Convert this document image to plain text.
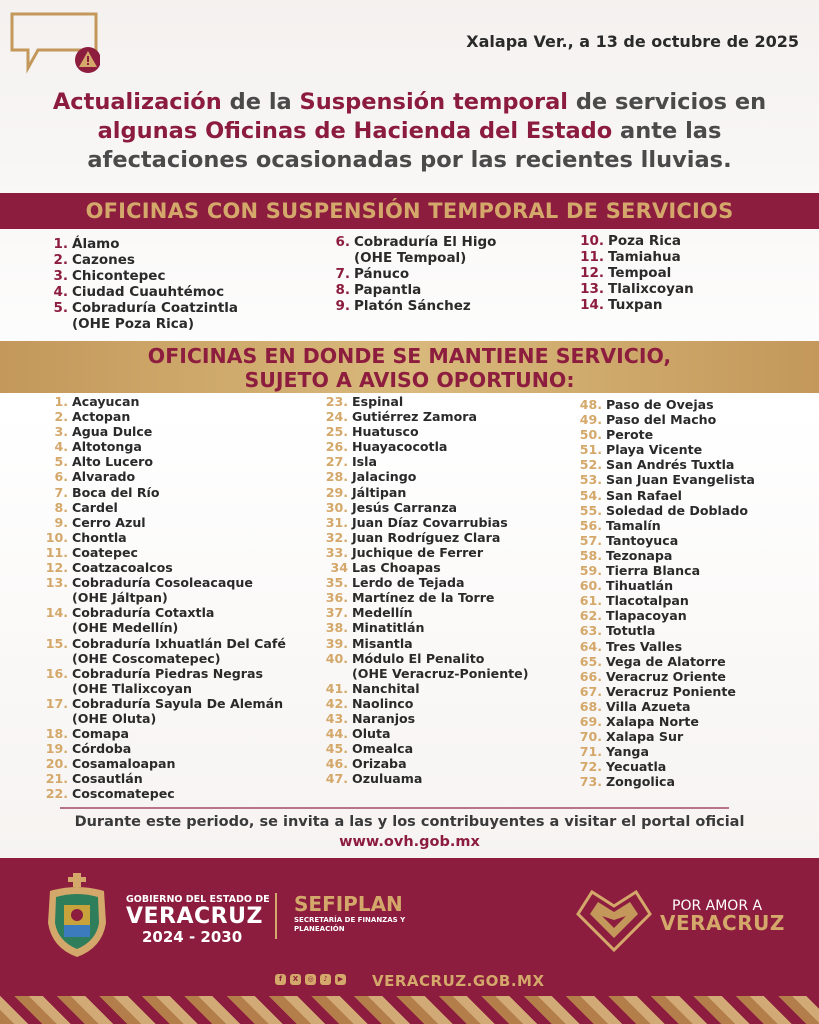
Xalapa Ver., a 13 de octubre de 2025
Actualización de la Suspensión temporal de servicios en algunas Oficinas de Hacienda del Estado ante las afectaciones ocasionadas por las recientes lluvias.
OFICINAS CON SUSPENSIÓN TEMPORAL DE SERVICIOS
1. Álamo
2. Cazones
3. Chicontepec
4. Ciudad Cuauhtémoc
5. Cobraduría Coatzintla
(OHE Poza Rica)
6. Cobraduría El Higo
(OHE Tempoal)
7. Pánuco
8. Papantla
9. Platón Sánchez
10. Poza Rica
11. Tamiahua
12. Tempoal
13. Tlalixcoyan
14. Tuxpan
OFICINAS EN DONDE SE MANTIENE SERVICIO,
SUJETO A AVISO OPORTUNO:
1. Acayucan
2. Actopan
3. Agua Dulce
4. Altotonga
5. Alto Lucero
6. Alvarado
7. Boca del Río
8. Cardel
9. Cerro Azul
10. Chontla
11. Coatepec
12. Coatzacoalcos
13. Cobraduría Cosoleacaque
(OHE Jáltpan)
14. Cobraduría Cotaxtla
(OHE Medellín)
15. Cobraduría Ixhuatlán Del Café
(OHE Coscomatepec)
16. Cobraduría Piedras Negras
(OHE Tlalixcoyan
17. Cobraduría Sayula De Alemán
(OHE Oluta)
18. Comapa
19. Córdoba
20. Cosamaloapan
21. Cosautlán
22. Coscomatepec
23. Espinal
24. Gutiérrez Zamora
25. Huatusco
26. Huayacocotla
27. Isla
28. Jalacingo
29. Jáltipan
30. Jesús Carranza
31. Juan Díaz Covarrubias
32. Juan Rodríguez Clara
33. Juchique de Ferrer
34 Las Choapas
35. Lerdo de Tejada
36. Martínez de la Torre
37. Medellín
38. Minatitlán
39. Misantla
40. Módulo El Penalito
(OHE Veracruz-Poniente)
41. Nanchital
42. Naolinco
43. Naranjos
44. Oluta
45. Omealca
46. Orizaba
47. Ozuluama
48. Paso de Ovejas
49. Paso del Macho
50. Perote
51. Playa Vicente
52. San Andrés Tuxtla
53. San Juan Evangelista
54. San Rafael
55. Soledad de Doblado
56. Tamalín
57. Tantoyuca
58. Tezonapa
59. Tierra Blanca
60. Tihuatlán
61. Tlacotalpan
62. Tlapacoyan
63. Totutla
64. Tres Valles
65. Vega de Alatorre
66. Veracruz Oriente
67. Veracruz Poniente
68. Villa Azueta
69. Xalapa Norte
70. Xalapa Sur
71. Yanga
72. Yecuatla
73. Zongolica
Durante este periodo, se invita a las y los contribuyentes a visitar el portal oficial
www.ovh.gob.mx
GOBIERNO DEL ESTADO DE
VERACRUZ
2024 - 2030
SEFIPLAN
SECRETARÍA DE FINANZAS Y PLANEACIÓN
POR AMOR A
VERACRUZ
f	X	◎	♪	▶ VERACRUZ.GOB.MX
